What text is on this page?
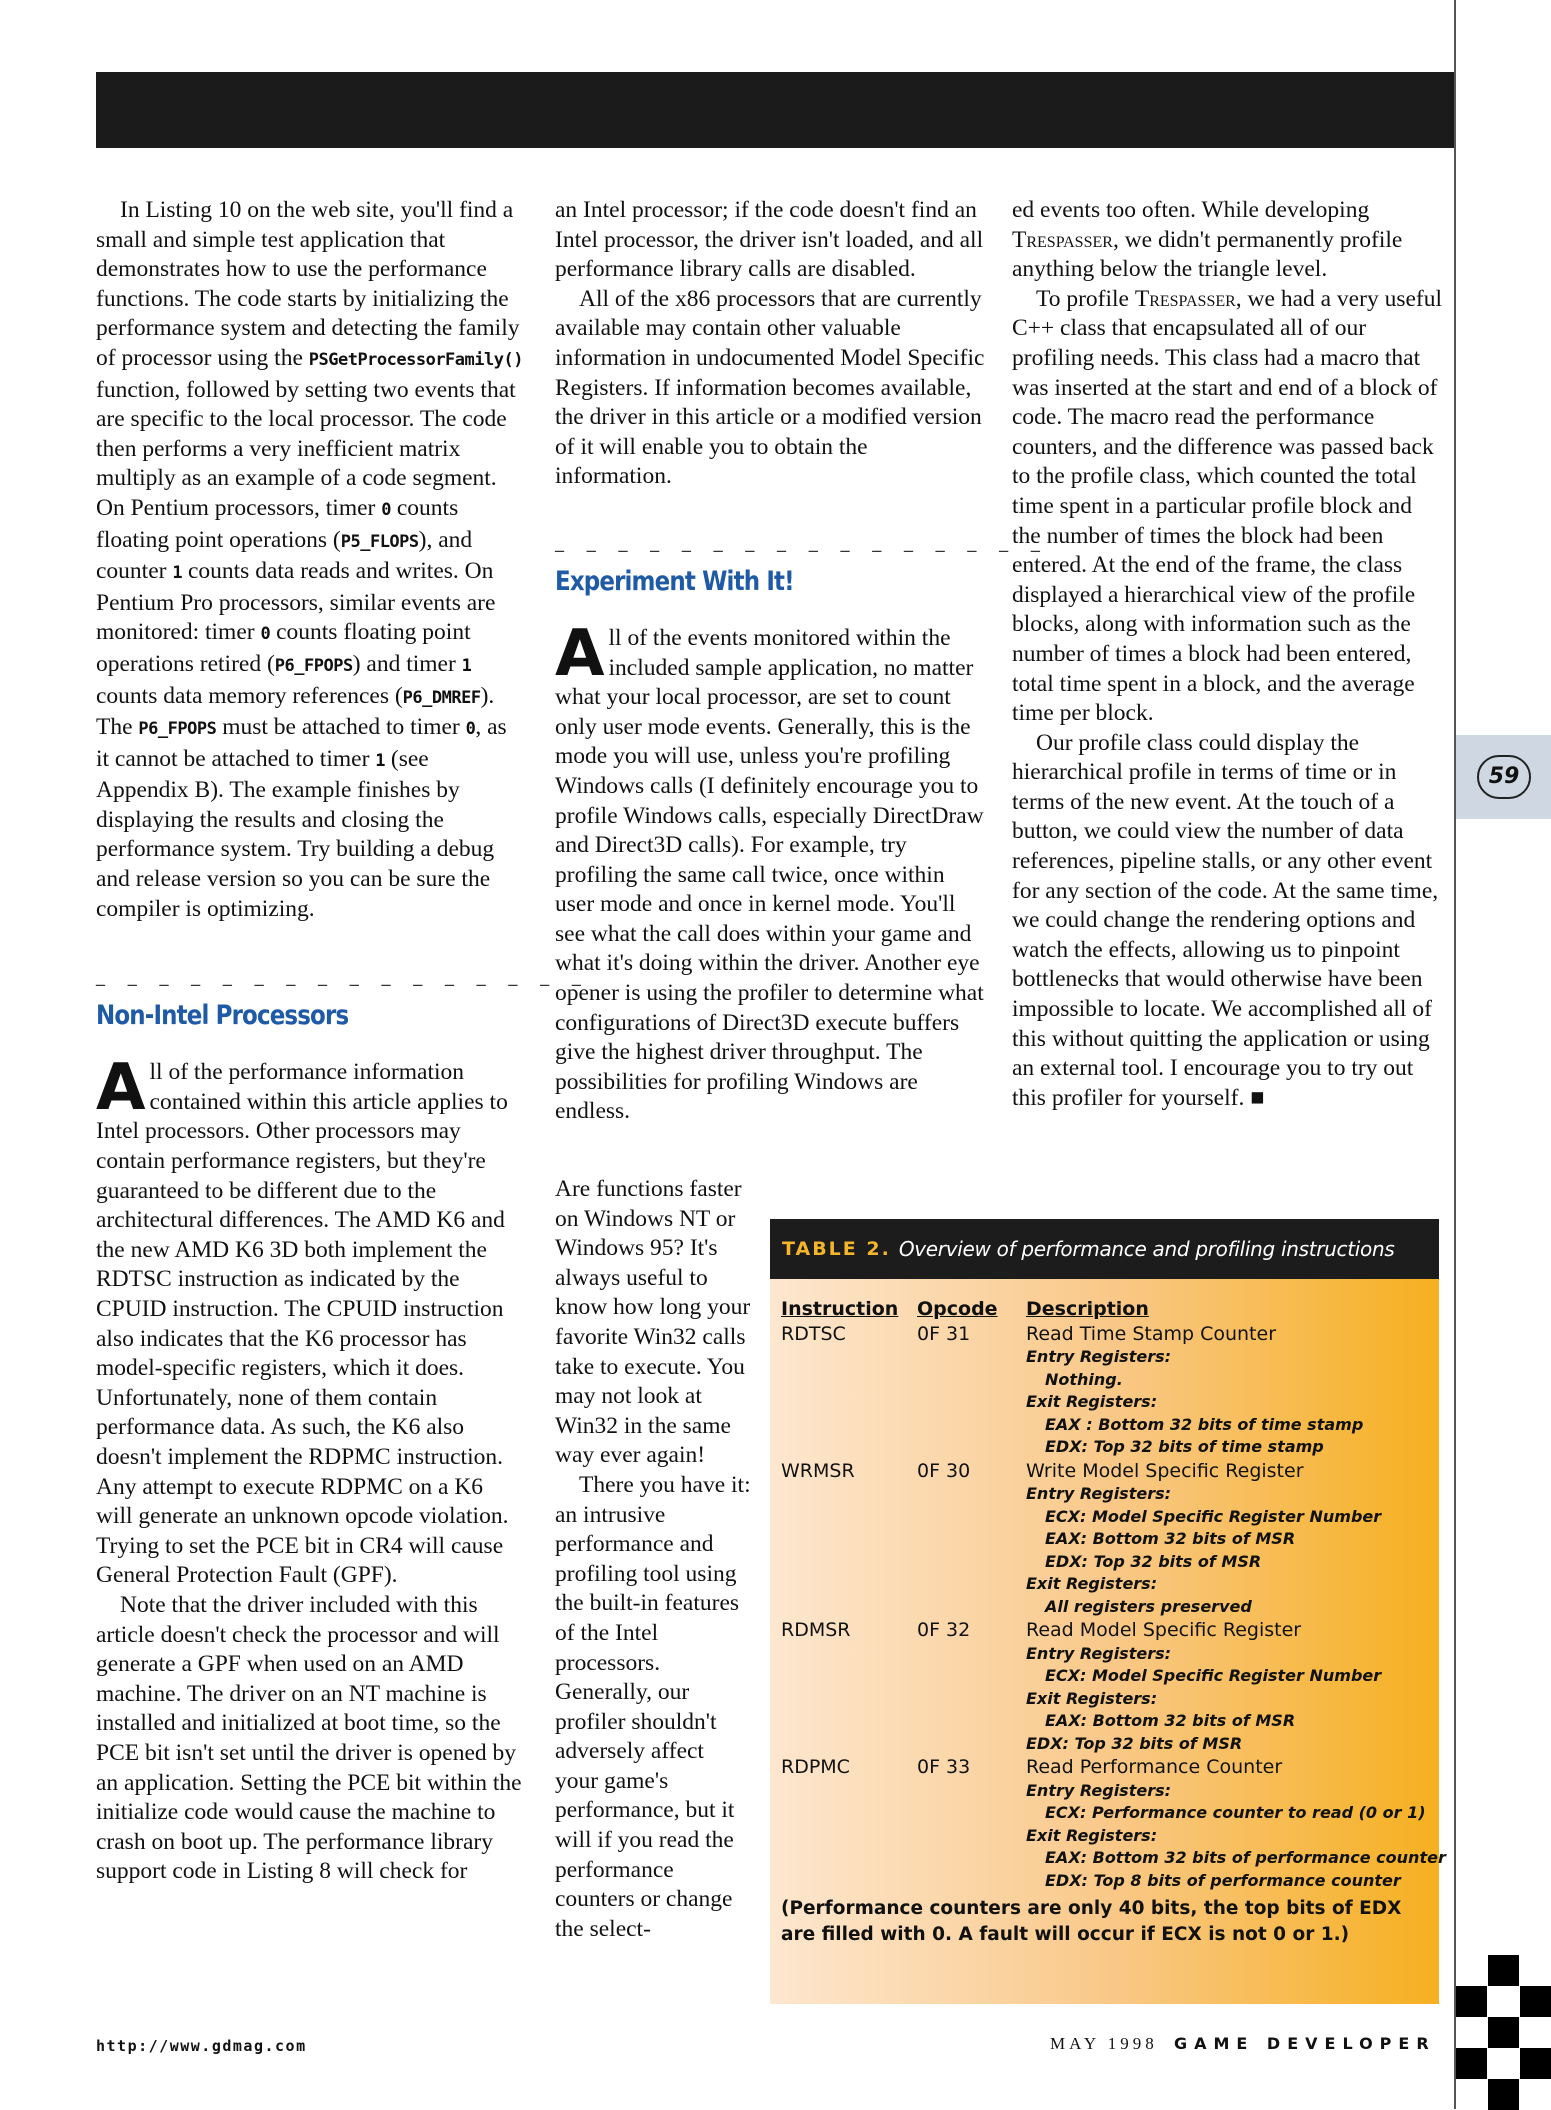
In Listing 10 on the web site, you'll find a small and simple test application that demonstrates how to use the performance functions. The code starts by initializing the performance system and detecting the family of processor using the PSGetProcessorFamily() function, followed by setting two events that are specific to the local processor. The code then performs a very inefficient matrix multiply as an example of a code segment. On Pentium processors, timer 0 counts floating point operations (P5_FLOPS), and counter 1 counts data reads and writes. On Pentium Pro processors, similar events are monitored: timer 0 counts floating point operations retired (P6_FPOPS) and timer 1 counts data memory references (P6_DMREF). The P6_FPOPS must be attached to timer 0, as it cannot be attached to timer 1 (see Appendix B). The example finishes by displaying the results and closing the performance system. Try building a debug and release version so you can be sure the compiler is optimizing.

_ _ _ _ _ _ _ _ _ _ _ _ _ _ _ _

Non-Intel Processors

All of the performance information contained within this article applies to Intel processors. Other processors may contain performance registers, but they're guaranteed to be different due to the architectural differences. The AMD K6 and the new AMD K6 3D both implement the RDTSC instruction as indicated by the CPUID instruction. The CPUID instruction also indicates that the K6 processor has model-specific registers, which it does. Unfortunately, none of them contain performance data. As such, the K6 also doesn't implement the RDPMC instruction. Any attempt to execute RDPMC on a K6 will generate an unknown opcode violation. Trying to set the PCE bit in CR4 will cause General Protection Fault (GPF).

Note that the driver included with this article doesn't check the processor and will generate a GPF when used on an AMD machine. The driver on an NT machine is installed and initialized at boot time, so the PCE bit isn't set until the driver is opened by an application. Setting the PCE bit within the initialize code would cause the machine to crash on boot up. The performance library support code in Listing 8 will check for

an Intel processor; if the code doesn't find an Intel processor, the driver isn't loaded, and all performance library calls are disabled.

All of the x86 processors that are currently available may contain other valuable information in undocumented Model Specific Registers. If information becomes available, the driver in this article or a modified version of it will enable you to obtain the information.

_ _ _ _ _ _ _ _ _ _ _ _ _ _ _ _

Experiment With It!

All of the events monitored within the included sample application, no matter what your local processor, are set to count only user mode events. Generally, this is the mode you will use, unless you're profiling Windows calls (I definitely encourage you to profile Windows calls, especially DirectDraw and Direct3D calls). For example, try profiling the same call twice, once within user mode and once in kernel mode. You'll see what the call does within your game and what it's doing within the driver. Another eye opener is using the profiler to determine what configurations of Direct3D execute buffers give the highest driver throughput. The possibilities for profiling Windows are endless.

ed events too often. While developing Trespasser, we didn't permanently profile anything below the triangle level.

To profile Trespasser, we had a very useful C++ class that encapsulated all of our profiling needs. This class had a macro that was inserted at the start and end of a block of code. The macro read the performance counters, and the difference was passed back to the profile class, which counted the total time spent in a particular profile block and the number of times the block had been entered. At the end of the frame, the class displayed a hierarchical view of the profile blocks, along with information such as the number of times a block had been entered, total time spent in a block, and the average time per block.

Our profile class could display the hierarchical profile in terms of time or in terms of the new event. At the touch of a button, we could view the number of data references, pipeline stalls, or any other event for any section of the code. At the same time, we could change the rendering options and watch the effects, allowing us to pinpoint bottlenecks that would otherwise have been impossible to locate. We accomplished all of this without quitting the application or using an external tool. I encourage you to try out this profiler for yourself. ■

Are functions faster on Windows NT or Windows 95? It's always useful to know how long your favorite Win32 calls take to execute. You may not look at Win32 in the same way ever again!

There you have it: an intrusive performance and profiling tool using the built-in features of the Intel processors. Generally, our profiler shouldn't adversely affect your game's performance, but it will if you read the performance counters or change the select-

59
TABLE 2. Overview of performance and profiling instructions
Instruction Opcode Description
RDTSC	0F 31	Read Time Stamp Counter
Entry Registers:
Nothing.
Exit Registers:
EAX : Bottom 32 bits of time stamp
EDX: Top 32 bits of time stamp
WRMSR	0F 30	Write Model Specific Register
Entry Registers:
ECX: Model Specific Register Number
EAX: Bottom 32 bits of MSR
EDX: Top 32 bits of MSR
Exit Registers:
All registers preserved
RDMSR	0F 32	Read Model Specific Register
Entry Registers:
ECX: Model Specific Register Number
Exit Registers:
EAX: Bottom 32 bits of MSR
EDX: Top 32 bits of MSR
RDPMC	0F 33	Read Performance Counter
Entry Registers:
ECX: Performance counter to read (0 or 1)
Exit Registers:
EAX: Bottom 32 bits of performance counter
EDX: Top 8 bits of performance counter
(Performance counters are only 40 bits, the top bits of EDX are filled with 0. A fault will occur if ECX is not 0 or 1.)
http://www.gdmag.com	MAY 1998 GAME DEVELOPER
